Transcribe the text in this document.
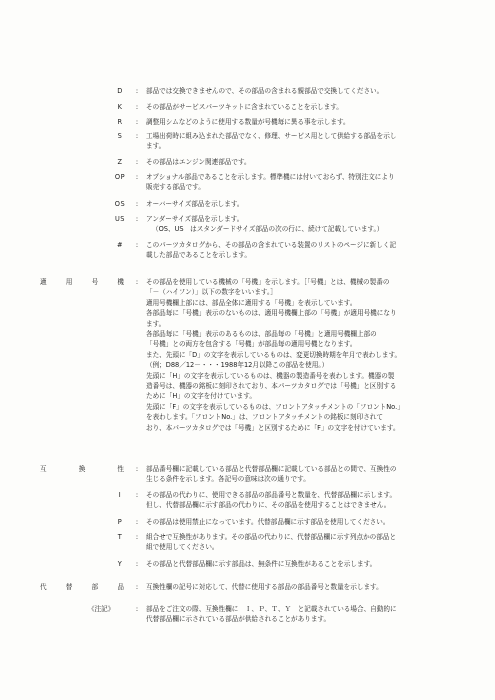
D	:	部品では交換できませんので、その部品の含まれる親部品で交換してください。
K	:	その部品がサービスパーツキットに含まれていることを示します。
R	:	調整用シムなどのように使用する数量が号機毎に異る事を示します。
S	:	工場出荷時に組み込まれた部品でなく、修理、サービス用として供給する部品を示し
ます。
Z	:	その部品はエンジン関連部品です。
OP	:	オプショナル部品であることを示します。標準機には付いておらず、特別注文により
販売する部品です。
OS	:	オーバーサイズ部品を示します。
US	:	アンダーサイズ部品を示します。
（OS、US　はスタンダードサイズ部品の次の行に、続けて記載しています。）
#	:	このパーツカタログから、その部品の含まれている装置のリストのページに新しく記
載した部品であることを示します。
適用号機	:	その部品を使用している機械の「号機」を示します。［「号機」とは、機械の製番の
「－（ハイフン）」以下の数字をいいます。］
適用号機欄上部には、部品全体に適用する「号機」を表示しています。
各部品毎に「号機」表示のないものは、適用号機欄上部の「号機」が適用号機になり
ます。
各部品毎に「号機」表示のあるものは、部品毎の「号機」と適用号機欄上部の
「号機」との両方を包含する「号機」が部品毎の適用号機となります。
また、先頭に「D」の文字を表示しているものは、変更切換時期を年月で表わします。
（例；D88／12－・・・1988年12月以降この部品を使用。）
先頭に「H」の文字を表示しているものは、機器の製造番号を表わします。機器の製
造番号は、機器の銘板に刻印されており、本パーツカタログでは「号機」と区別する
ために「H」の文字を付けています。
先頭に「F」の文字を表示しているものは、フロントアタッチメントの「フロントNo.」
を表わします。「フロントNo.」は、フロントアタッチメントの銘板に刻印されて
おり、本パーツカタログでは「号機」と区別するために「F」の文字を付けています。
互換性	:	部品番号欄に記載している部品と代替部品欄に記載している部品との間で、互換性の
生じる条件を示します。各記号の意味は次の通りです。
I	:	その部品の代わりに、使用できる部品の部品番号と数量を、代替部品欄に示します。
但し、代替部品欄に示す部品の代わりに、その部品を使用することはできません。
P	:	その部品は使用禁止になっています。代替部品欄に示す部品を使用してください。
T	:	組合せで互換性があります。その部品の代わりに、代替部品欄に示す列点かの部品と
組で使用してください。
Y	:	その部品と代替部品欄に示す部品は、無条件に互換性があることを示します。
代替部品	:	互換性欄の記号に対応して、代替に使用する部品の部品番号と数量を示します。
《注記》	:	部品をご注文の際、互換性欄に　Ｉ、Ｐ、Ｔ、Ｙ　と記載されている場合、自動的に
代替部品欄に示されている部品が供給されることがあります。
